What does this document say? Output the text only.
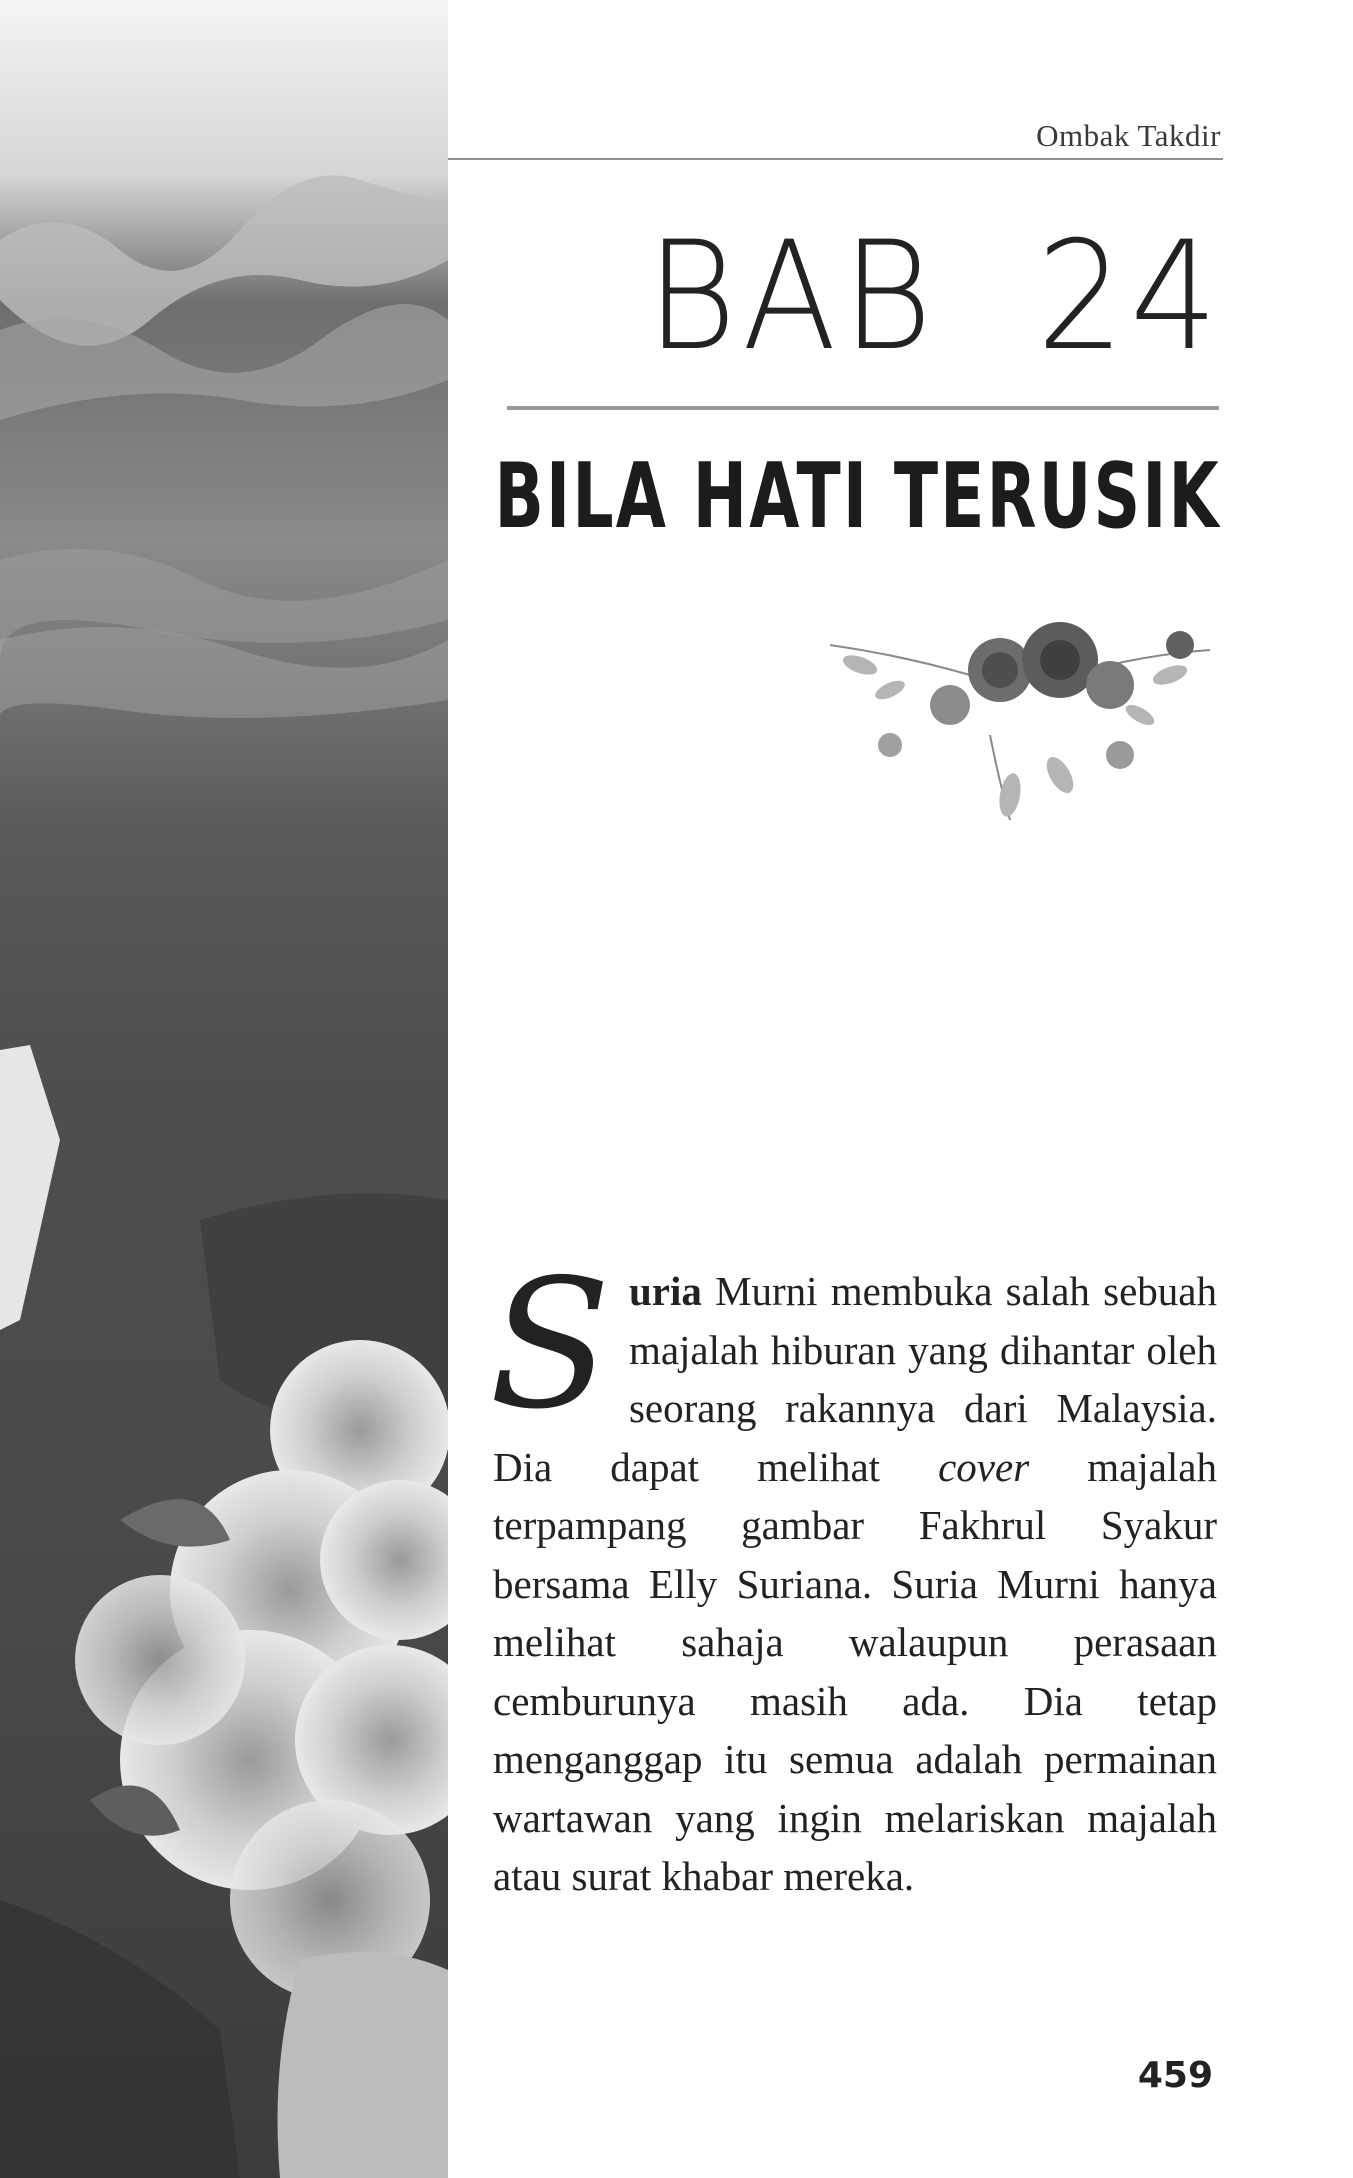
Ombak Takdir
BAB  24
BILA HATI TERUSIK
Suria Murni membuka salah sebuah majalah hiburan yang dihantar oleh seorang rakannya dari Malaysia. Dia dapat melihat cover majalah terpampang gambar Fakhrul Syakur bersama Elly Suriana. Suria Murni hanya melihat sahaja walaupun perasaan cemburunya masih ada. Dia tetap menganggap itu semua adalah permainan wartawan yang ingin melariskan majalah atau surat khabar mereka.
459
